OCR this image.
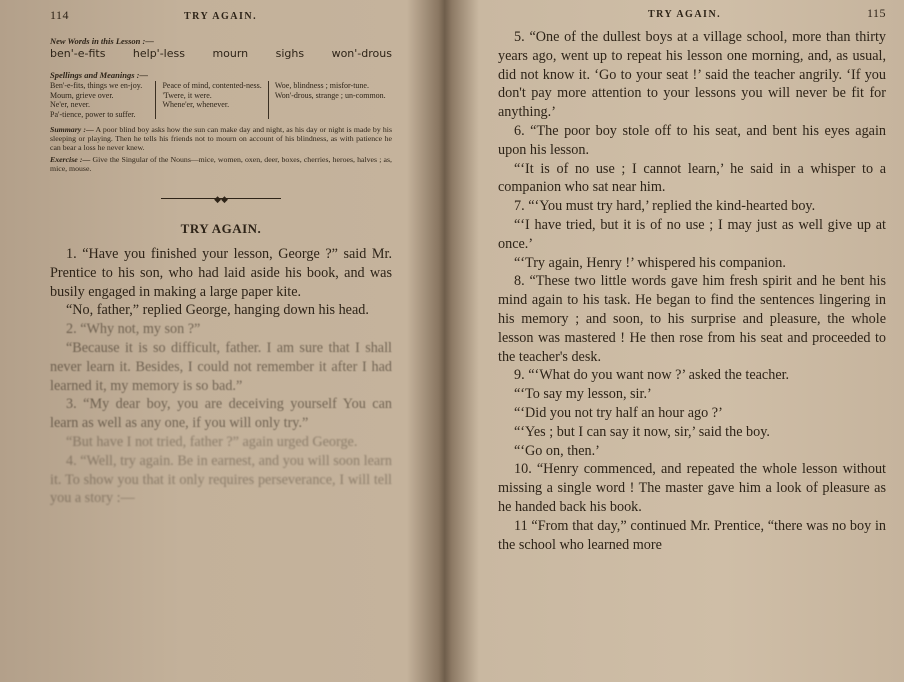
114	TRY AGAIN.
New Words in this Lesson :—
ben'-e-fits help'-less mourn sighs won'-drous
Spellings and Meanings :—
Ben'-e-fits, things we en-joy.
Mourn, grieve over.
Ne'er, never.
Pa'-tience, power to suffer.
Peace of mind, contented-ness.
'Twere, it were.
Whene'er, whenever.
Woe, blindness ; misfor-tune.
Won'-drous, strange ; un-common.
Summary :— A poor blind boy asks how the sun can make day and night, as his day or night is made by his sleeping or playing. Then he tells his friends not to mourn on account of his blindness, as with patience he can bear a loss he never knew.
Exercise :— Give the Singular of the Nouns—mice, women, oxen, deer, boxes, cherries, heroes, halves ; as, mice, mouse.
◆◆
TRY AGAIN.

1. “Have you finished your lesson, George ?” said Mr. Prentice to his son, who had laid aside his book, and was busily engaged in making a large paper kite.

“No, father,” replied George, hanging down his head.

2. “Why not, my son ?”

“Because it is so difficult, father. I am sure that I shall never learn it. Besides, I could not remember it after I had learned it, my memory is so bad.”

3. “My dear boy, you are deceiving yourself You can learn as well as any one, if you will only try.”

“But have I not tried, father ?” again urged George.

4. “Well, try again. Be in earnest, and you will soon learn it. To show you that it only requires perseverance, I will tell you a story :—

TRY AGAIN.	115

5. “One of the dullest boys at a village school, more than thirty years ago, went up to repeat his lesson one morning, and, as usual, did not know it. ‘Go to your seat !’ said the teacher angrily. ‘If you don't pay more attention to your lessons you will never be fit for anything.’

6. “The poor boy stole off to his seat, and bent his eyes again upon his lesson.

“‘It is of no use ; I cannot learn,’ he said in a whisper to a companion who sat near him.

7. “‘You must try hard,’ replied the kind-hearted boy.

“‘I have tried, but it is of no use ; I may just as well give up at once.’

“‘Try again, Henry !’ whispered his companion.

8. “These two little words gave him fresh spirit and he bent his mind again to his task. He began to find the sentences lingering in his memory ; and soon, to his surprise and pleasure, the whole lesson was mastered ! He then rose from his seat and proceeded to the teacher's desk.

9. “‘What do you want now ?’ asked the teacher.

“‘To say my lesson, sir.’

“‘Did you not try half an hour ago ?’

“‘Yes ; but I can say it now, sir,’ said the boy.

“‘Go on, then.’

10. “Henry commenced, and repeated the whole lesson without missing a single word ! The master gave him a look of pleasure as he handed back his book.

11 “From that day,” continued Mr. Prentice, “there was no boy in the school who learned more
